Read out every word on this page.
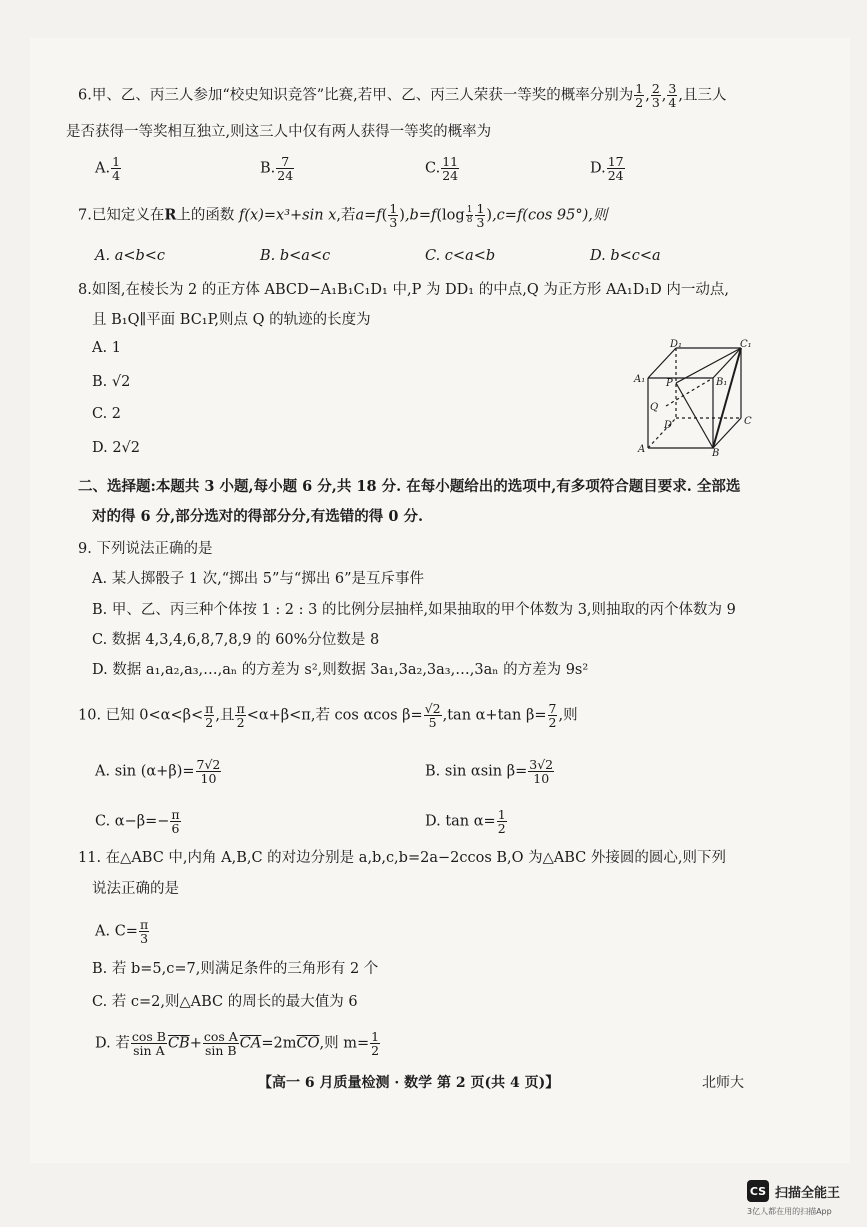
6.甲、乙、丙三人参加“校史知识竞答”比赛,若甲、乙、丙三人荣获一等奖的概率分别为 $\frac{1}{2}$ , $\frac{2}{3}$ , $\frac{3}{4}$ ,且三人
是否获得一等奖相互独立,则这三人中仅有两人获得一等奖的概率为
A. $\frac{1}{4}$	B. $\frac{7}{24}$	C. $\frac{11}{24}$	D. $\frac{17}{24}$
7.已知定义在R上的函数 f(x)=x³+sin x,若$a=f( \frac{1}{3} ),b=f(\log \frac{1}{8} \frac{1}{3} ),c=f(\cos$ 95°),则
A. a<b<c	B. b<a<c	C. c<a<b	D. b<c<a
8.如图,在棱长为 2 的正方体 ABCD−A₁B₁C₁D₁ 中,P 为 DD₁ 的中点,Q 为正方形 AA₁D₁D 内一动点,
且 B₁Q∥平面 BC₁P,则点 Q 的轨迹的长度为
A. 1
B. √2
C. 2
D. 2√2
D₁	C₁
A₁	B₁
P
Q
D	C
A	B
二、选择题:本题共 3 小题,每小题 6 分,共 18 分. 在每小题给出的选项中,有多项符合题目要求. 全部选
对的得 6 分,部分选对的得部分分,有选错的得 0 分.
9. 下列说法正确的是
A. 某人掷骰子 1 次,“掷出 5”与“掷出 6”是互斥事件
B. 甲、乙、丙三种个体按 1 : 2 : 3 的比例分层抽样,如果抽取的甲个体数为 3,则抽取的丙个体数为 9
C. 数据 4,3,4,6,8,7,8,9 的 60%分位数是 8
D. 数据 a₁,a₂,a₃,…,aₙ 的方差为 s²,则数据 3a₁,3a₂,3a₃,…,3aₙ 的方差为 9s²
10. 已知 $0<\alpha<\beta< \frac{\pi}{2}$ ,且 $\frac{\pi}{2} <\alpha+\beta<\pi$,若 cos αcos $\beta= \frac{√2}{5} ,\tan$ α+tan $\beta= \frac{7}{2}$ ,则
A. $\sin (\alpha+\beta)= \frac{7√2}{10}$	B. sin αsin $\beta= \frac{3√2}{10}$
C. $\alpha-\beta=- \frac{\pi}{6}$	D. $\tan \alpha= \frac{1}{2}$
11. 在△ABC 中,内角 A,B,C 的对边分别是 a,b,c,b=2a−2ccos B,O 为△ABC 外接圆的圆心,则下列
说法正确的是
A. $C= \frac{\pi}{3}$
B. 若 b=5,c=7,则满足条件的三角形有 2 个
C. 若 c=2,则△ABC 的周长的最大值为 6
D. 若 $\frac{\text{cos B}}{\text{sin A}} \overline{CB}+ \frac{\text{cos A}}{\text{sin B}} \overline{CA}=2m\overline{CO}$,则 $m= \frac{1}{2}$
【高一 6 月质量检测 · 数学 第 2 页(共 4 页)】	北师大
CS 扫描全能王
3亿人都在用的扫描App
